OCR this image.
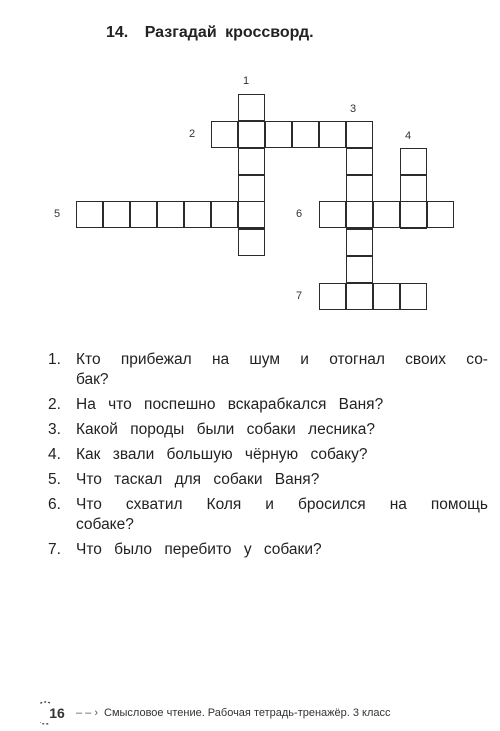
14. Разгадай кроссворд.
1
2
3
4
5	6
7
1. Кто прибежал на шум и отогнал своих со-
бак?
2. На что поспешно вскарабкался Ваня?
3. Какой породы были собаки лесника?
4. Как звали большую чёрную собаку?
5. Что таскал для собаки Ваня?
6. Что схватил Коля и бросился на помощь
собаке?
7. Что было перебито у собаки?
16 ‒ ‒ › Смысловое чтение. Рабочая тетрадь-тренажёр. 3 класс
